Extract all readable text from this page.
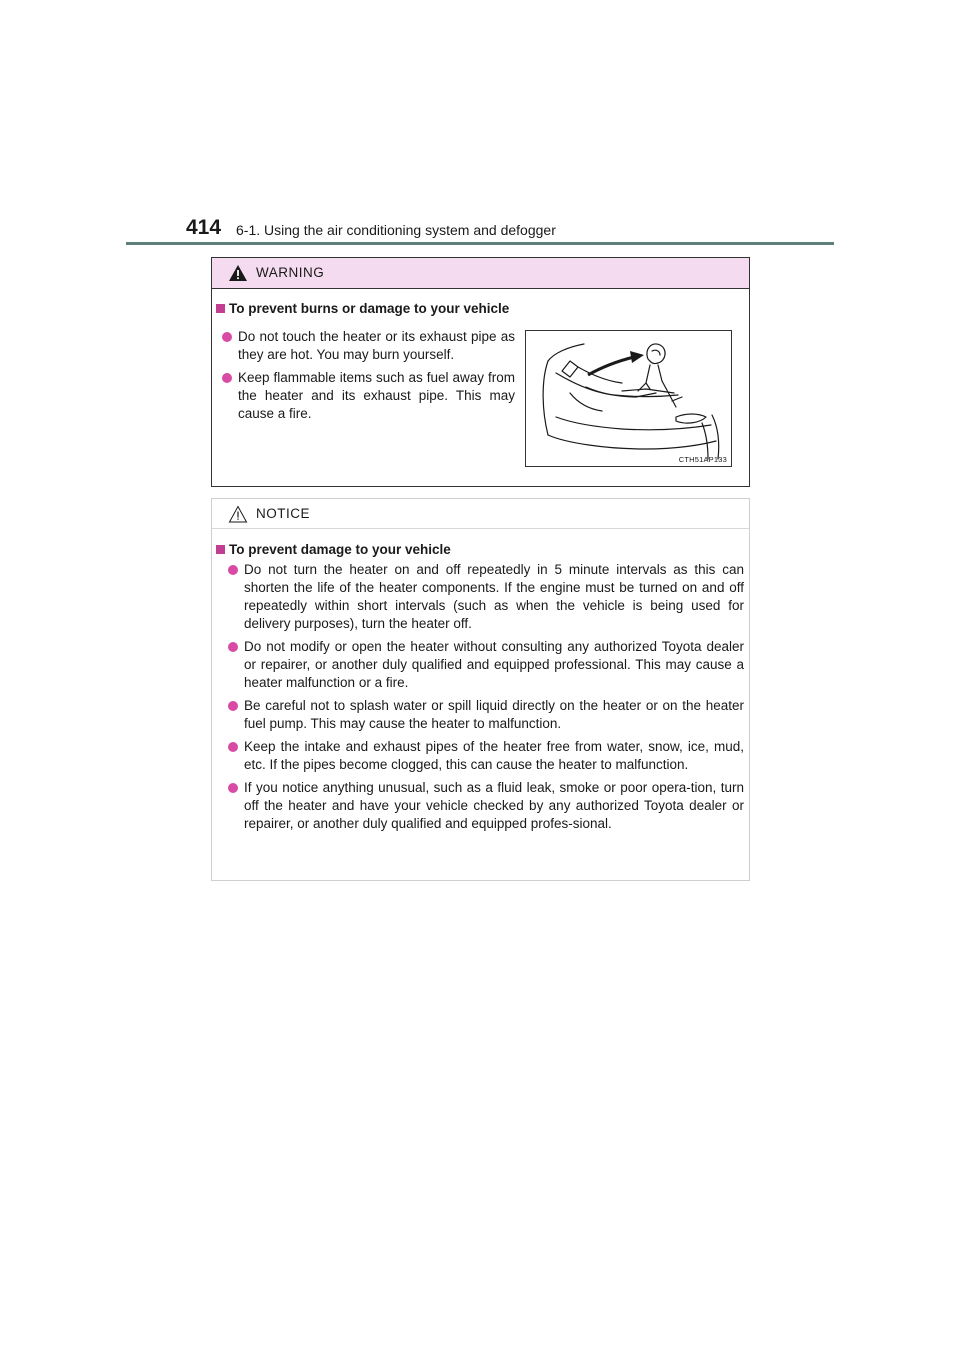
414 6-1. Using the air conditioning system and defogger
WARNING
To prevent burns or damage to your vehicle
Do not touch the heater or its exhaust pipe as they are hot. You may burn yourself.
Keep flammable items such as fuel away from the heater and its exhaust pipe. This may cause a fire.
CTH51AP133
NOTICE
To prevent damage to your vehicle
Do not turn the heater on and off repeatedly in 5 minute intervals as this can shorten the life of the heater components. If the engine must be turned on and off repeatedly within short intervals (such as when the vehicle is being used for delivery purposes), turn the heater off.
Do not modify or open the heater without consulting any authorized Toyota dealer or repairer, or another duly qualified and equipped professional. This may cause a heater malfunction or a fire.
Be careful not to splash water or spill liquid directly on the heater or on the heater fuel pump. This may cause the heater to malfunction.
Keep the intake and exhaust pipes of the heater free from water, snow, ice, mud, etc. If the pipes become clogged, this can cause the heater to malfunction.
If you notice anything unusual, such as a fluid leak, smoke or poor opera-tion, turn off the heater and have your vehicle checked by any authorized Toyota dealer or repairer, or another duly qualified and equipped profes-sional.
